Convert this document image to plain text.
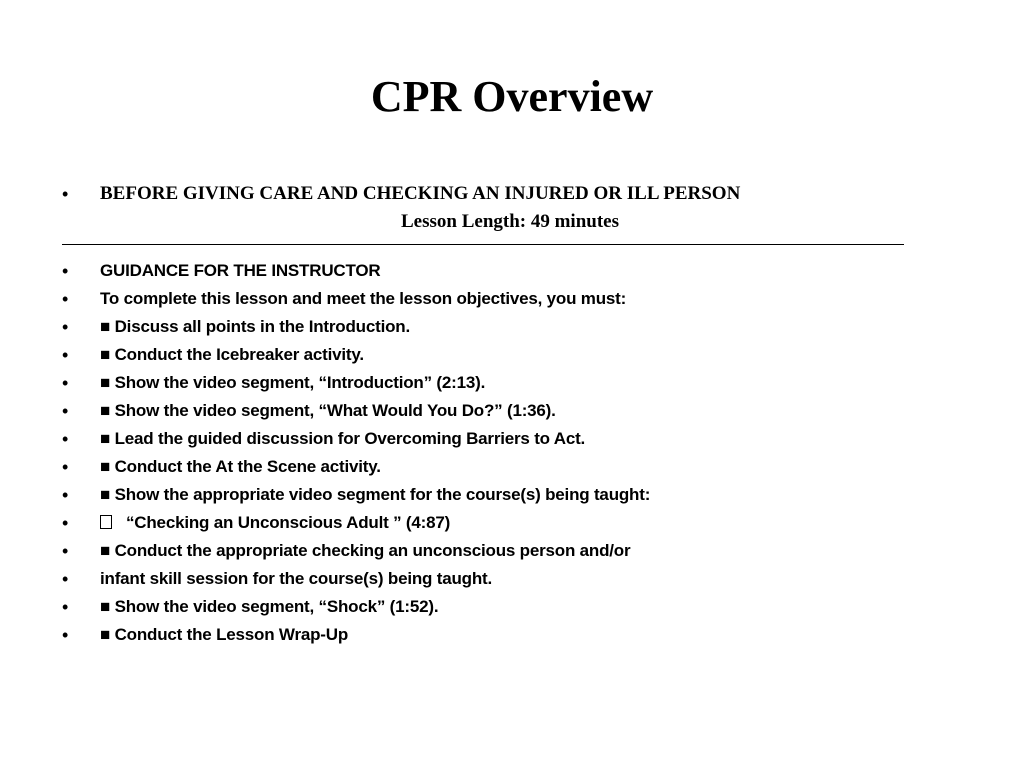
CPR Overview
•	BEFORE GIVING CARE AND CHECKING AN INJURED OR ILL PERSON
Lesson Length: 49 minutes
•	GUIDANCE FOR THE INSTRUCTOR
•	To complete this lesson and meet the lesson objectives, you must:
•	■ Discuss all points in the Introduction.
•	■ Conduct the Icebreaker activity.
•	■ Show the video segment, “Introduction” (2:13).
•	■ Show the video segment, “What Would You Do?” (1:36).
•	■ Lead the guided discussion for Overcoming Barriers to Act.
•	■ Conduct the At the Scene activity.
•	■ Show the appropriate video segment for the course(s) being taught:
•	“Checking an Unconscious Adult ” (4:87)
•	■ Conduct the appropriate checking an unconscious person and/or
•	infant skill session for the course(s) being taught.
•	■ Show the video segment, “Shock” (1:52).
•	■ Conduct the Lesson Wrap-Up
